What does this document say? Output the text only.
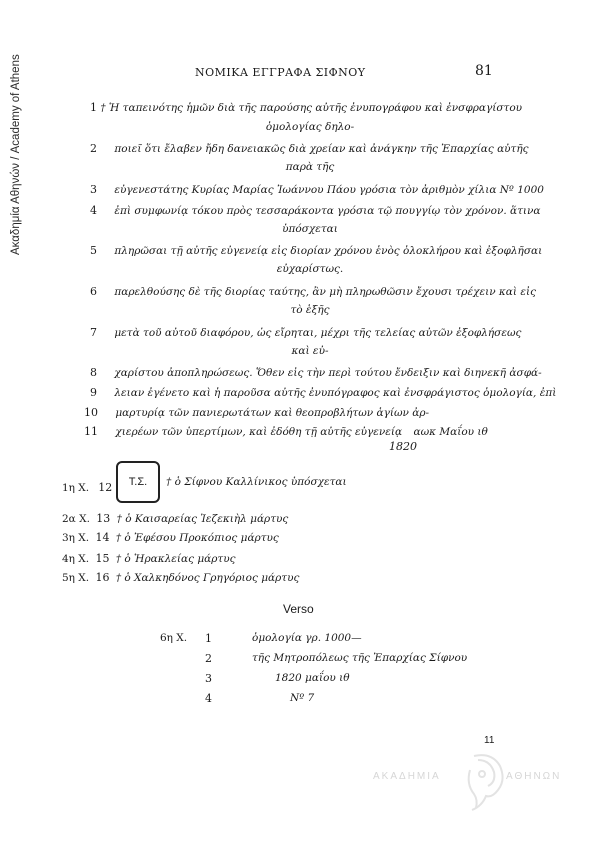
Ακαδημία Αθηνών / Academy of Athens	ΝΟΜΙΚΑ ΕΓΓΡΑΦΑ ΣΙΦΝΟΥ	81
1 † Ἡ ταπεινότης ἡμῶν διὰ τῆς παρούσης αὐτῆς ἐνυπογράφου καὶ ἐνσφραγίστου
ὁμολογίας δηλο-
2 ποιεῖ ὅτι ἔλαβεν ἤδη δανειακῶς διὰ χρείαν καὶ ἀνάγκην τῆς Ἐπαρχίας αὐτῆς
παρὰ τῆς
3 εὐγενεστάτης Κυρίας Μαρίας Ἰωάννου Πάου γρόσια τὸν ἀριθμὸν χίλια Nº 1000
4 ἐπὶ συμφωνίᾳ τόκου πρὸς τεσσαράκοντα γρόσια τῷ πουγγίῳ τὸν χρόνον. ἅτινα
ὑπόσχεται
5 πληρῶσαι τῇ αὐτῆς εὐγενείᾳ εἰς διορίαν χρόνου ἑνὸς ὁλοκλήρου καὶ ἐξοφλῆσαι
εὐχαρίστως.
6 παρελθούσης δὲ τῆς διορίας ταύτης, ἂν μὴ πληρωθῶσιν ἔχουσι τρέχειν καὶ εἰς
τὸ ἑξῆς
7 μετὰ τοῦ αὐτοῦ διαφόρου, ὡς εἴρηται, μέχρι τῆς τελείας αὐτῶν ἐξοφλήσεως
καὶ εὐ-
8 χαρίστου ἀποπληρώσεως. Ὅθεν εἰς τὴν περὶ τούτου ἔνδειξιν καὶ διηνεκῆ ἀσφά-
9 λειαν ἐγένετο καὶ ἡ παροῦσα αὐτῆς ἐνυπόγραφος καὶ ἐνσφράγιστος ὁμολογία, ἐπὶ
10 μαρτυρίᾳ τῶν πανιερωτάτων καὶ θεοπροβλήτων ἁγίων ἀρ-
11 χιερέων τῶν ὑπερτίμων, καὶ ἐδόθη τῇ αὐτῆς εὐγενείᾳ αωκ Μαΐου ιθ
1820
Τ.Σ.
1η Χ. 12	† ὁ Σίφνου Καλλίνικος ὑπόσχεται
2α Χ. 13 † ὁ Καισαρείας Ἰεζεκιὴλ μάρτυς
3η Χ. 14 † ὁ Ἐφέσου Προκόπιος μάρτυς
4η Χ. 15 † ὁ Ἡρακλείας μάρτυς
5η Χ. 16 † ὁ Χαλκηδόνος Γρηγόριος μάρτυς
Verso
6η Χ. 1	ὁμολογία γρ. 1000—
2	τῆς Μητροπόλεως τῆς Ἐπαρχίας Σίφνου
3	1820 μαΐου ιθ
4	Nº 7
11
ΑΚΑΔΗΜΙΑ	ΑΘΗΝΩΝ
